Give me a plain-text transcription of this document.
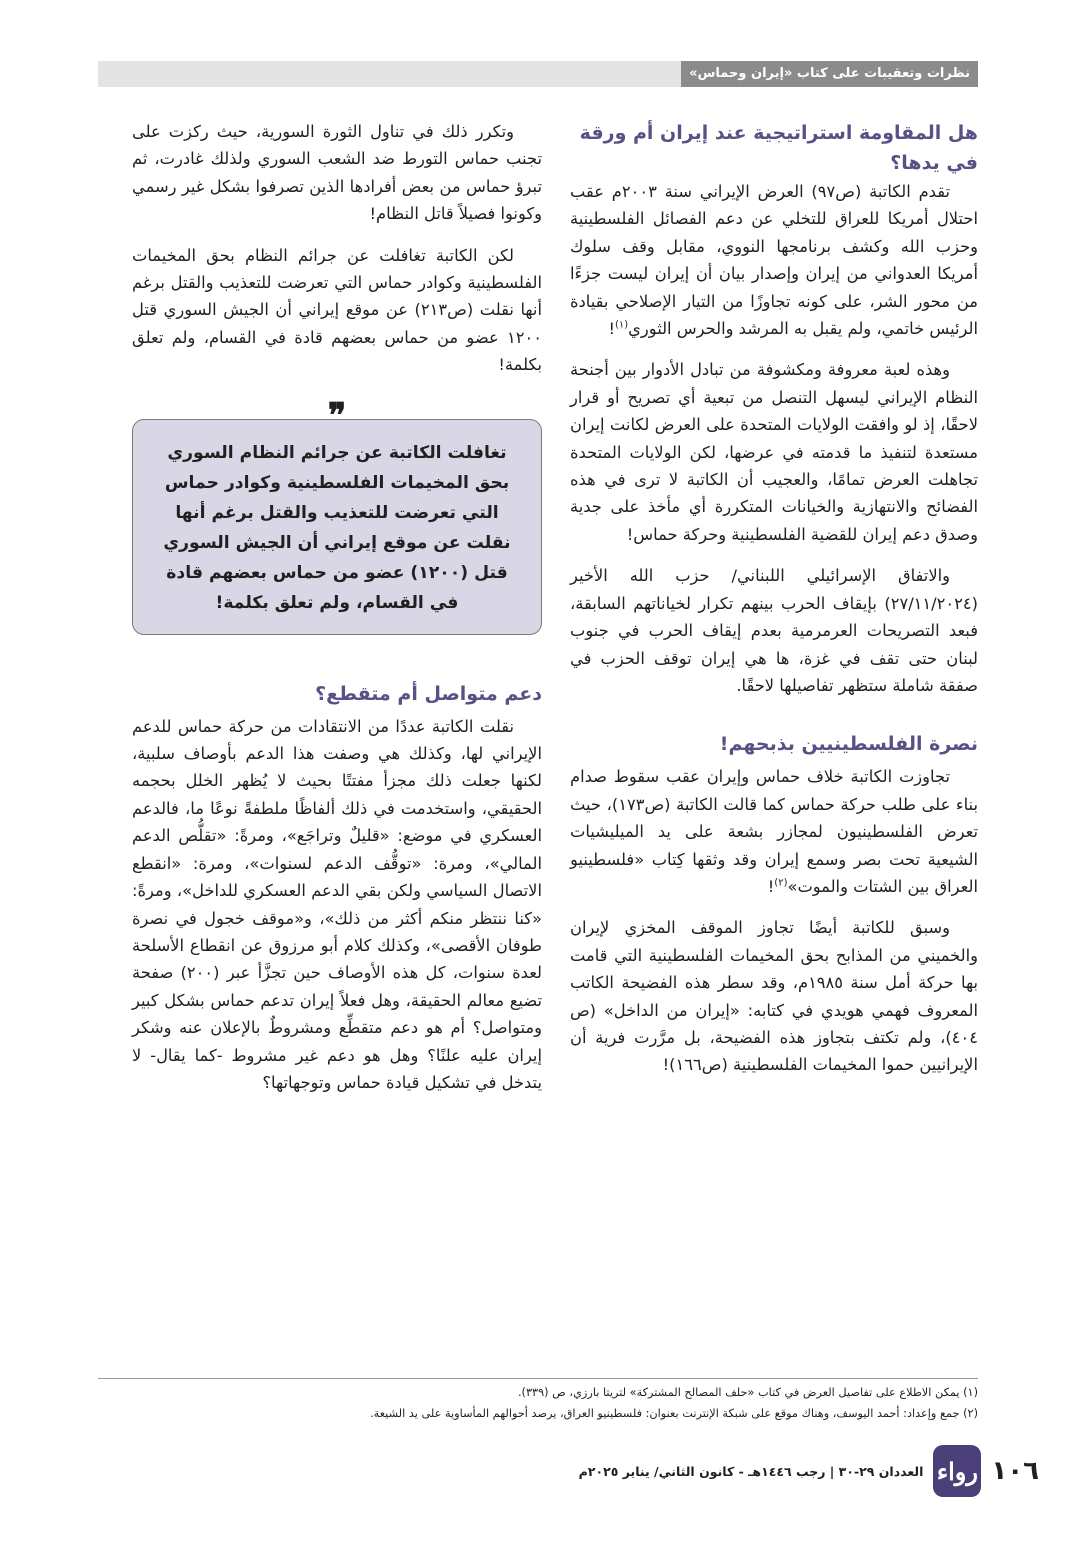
نظرات وتعقيبات على كتاب «إيران وحماس»
هل المقاومة استراتيجية عند إيران أم ورقة في يدها؟

تقدم الكاتبة (ص٩٧) العرض الإيراني سنة ٢٠٠٣م عقب احتلال أمريكا للعراق للتخلي عن دعم الفصائل الفلسطينية وحزب الله وكشف برنامجها النووي، مقابل وقف سلوك أمريكا العدواني من إيران وإصدار بيان أن إيران ليست جزءًا من محور الشر، على كونه تجاوزًا من التيار الإصلاحي بقيادة الرئيس خاتمي، ولم يقبل به المرشد والحرس الثوري$^{(١)}$!

وهذه لعبة معروفة ومكشوفة من تبادل الأدوار بين أجنحة النظام الإيراني ليسهل التنصل من تبعية أي تصريح أو قرار لاحقًا، إذ لو وافقت الولايات المتحدة على العرض لكانت إيران مستعدة لتنفيذ ما قدمته في عرضها، لكن الولايات المتحدة تجاهلت العرض تمامًا، والعجيب أن الكاتبة لا ترى في هذه الفضائح والانتهازية والخيانات المتكررة أي مأخذ على جدية وصدق دعم إيران للقضية الفلسطينية وحركة حماس!

والاتفاق الإسرائيلي اللبناني/ حزب الله الأخير (٢٧/١١/٢٠٢٤) بإيقاف الحرب بينهم تكرار لخياناتهم السابقة، فبعد التصريحات العرمرمية بعدم إيقاف الحرب في جنوب لبنان حتى تقف في غزة، ها هي إيران توقف الحزب في صفقة شاملة ستظهر تفاصيلها لاحقًا.

نصرة الفلسطينيين بذبحهم!

تجاوزت الكاتبة خلاف حماس وإيران عقب سقوط صدام بناء على طلب حركة حماس كما قالت الكاتبة (ص١٧٣)، حيث تعرض الفلسطينيون لمجازر بشعة على يد الميليشيات الشيعية تحت بصر وسمع إيران وقد وثقها كِتاب «فلسطينيو العراق بين الشتات والموت»$^{(٢)}$!

وسبق للكاتبة أيضًا تجاوز الموقف المخزي لإيران والخميني من المذابح بحق المخيمات الفلسطينية التي قامت بها حركة أمل سنة ١٩٨٥م، وقد سطر هذه الفضيحة الكاتب المعروف فهمي هويدي في كتابه: «إيران من الداخل» (ص ٤٠٤)، ولم تكتف بتجاوز هذه الفضيحة، بل مرَّرت فرية أن الإيرانيين حموا المخيمات الفلسطينية (ص١٦٦)!

وتكرر ذلك في تناول الثورة السورية، حيث ركزت على تجنب حماس التورط ضد الشعب السوري ولذلك غادرت، ثم تبرؤ حماس من بعض أفرادها الذين تصرفوا بشكل غير رسمي وكونوا فصيلاً قاتل النظام!

لكن الكاتبة تغافلت عن جرائم النظام بحق المخيمات الفلسطينية وكوادر حماس التي تعرضت للتعذيب والقتل برغم أنها نقلت (ص٢١٣) عن موقع إيراني أن الجيش السوري قتل ١٢٠٠ عضو من حماس بعضهم قادة في القسام، ولم تعلق بكلمة!

❞
تغافلت الكاتبة عن جرائم النظام السوري بحق المخيمات الفلسطينية وكوادر حماس التي تعرضت للتعذيب والقتل برغم أنها نقلت عن موقع إيراني أن الجيش السوري قتل (١٢٠٠) عضو من حماس بعضهم قادة في القسام، ولم تعلق بكلمة!
دعم متواصل أم متقطع؟

نقلت الكاتبة عددًا من الانتقادات من حركة حماس للدعم الإيراني لها، وكذلك هي وصفت هذا الدعم بأوصاف سلبية، لكنها جعلت ذلك مجزأ مفتتًا بحيث لا يُظهر الخلل بحجمه الحقيقي، واستخدمت في ذلك ألفاظًا ملطفةً نوعًا ما، فالدعم العسكري في موضع: «قليلٌ وتراجَع»، ومرةً: «تقلُّص الدعم المالي»، ومرة: «توقُّف الدعم لسنوات»، ومرة: «انقطع الاتصال السياسي ولكن بقي الدعم العسكري للداخل»، ومرةً: «كنا ننتظر منكم أكثر من ذلك»، و«موقف خجول في نصرة طوفان الأقصى»، وكذلك كلام أبو مرزوق عن انقطاع الأسلحة لعدة سنوات، كل هذه الأوصاف حين تجزَّأ عبر (٢٠٠) صفحة تضيع معالم الحقيقة، وهل فعلاً إيران تدعم حماس بشكل كبير ومتواصل؟ أم هو دعم متقطِّع ومشروطٌ بالإعلان عنه وشكر إيران عليه علنًا؟ وهل هو دعم غير مشروط -كما يقال- لا يتدخل في تشكيل قيادة حماس وتوجهاتها؟

(١) يمكن الاطلاع على تفاصيل العرض في كتاب «حلف المصالح المشتركة» لتريتا بارزي، ص (٣٣٩).
(٢) جمع وإعداد: أحمد اليوسف، وهناك موقع على شبكة الإنترنت بعنوان: فلسطينيو العراق، يرصد أحوالهم المأساوية على يد الشيعة.
١٠٦
رواء
العددان ٢٩-٣٠ | رجب ١٤٤٦هـ - كانون الثاني/ يناير ٢٠٢٥م
